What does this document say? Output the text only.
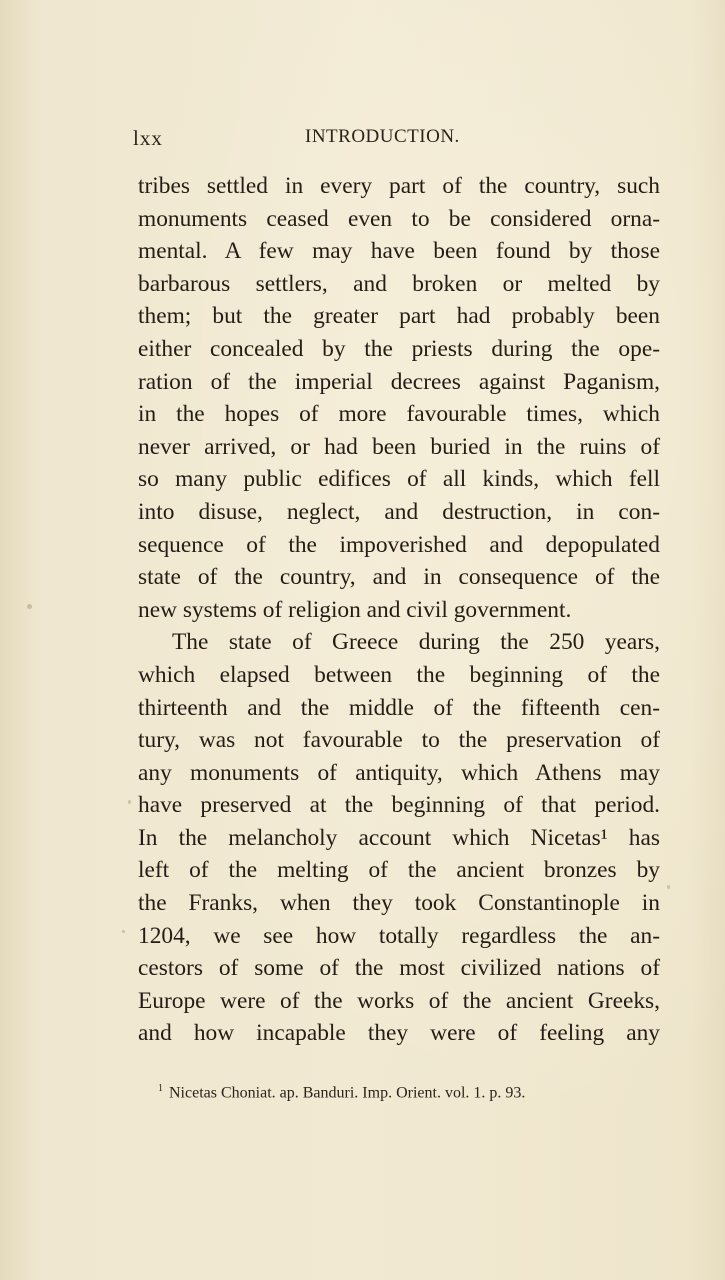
lxx	INTRODUCTION.
tribes settled in every part of the country, such
monuments ceased even to be considered orna-
mental. A few may have been found by those
barbarous settlers, and broken or melted by
them; but the greater part had probably been
either concealed by the priests during the ope-
ration of the imperial decrees against Paganism,
in the hopes of more favourable times, which
never arrived, or had been buried in the ruins of
so many public edifices of all kinds, which fell
into disuse, neglect, and destruction, in con-
sequence of the impoverished and depopulated
state of the country, and in consequence of the
new systems of religion and civil government.
The state of Greece during the 250 years,
which elapsed between the beginning of the
thirteenth and the middle of the fifteenth cen-
tury, was not favourable to the preservation of
any monuments of antiquity, which Athens may
have preserved at the beginning of that period.
In the melancholy account which Nicetas¹ has
left of the melting of the ancient bronzes by
the Franks, when they took Constantinople in
1204, we see how totally regardless the an-
cestors of some of the most civilized nations of
Europe were of the works of the ancient Greeks,
and how incapable they were of feeling any
$^1$ Nicetas Choniat. ap. Banduri. Imp. Orient. vol. 1. p. 93.
